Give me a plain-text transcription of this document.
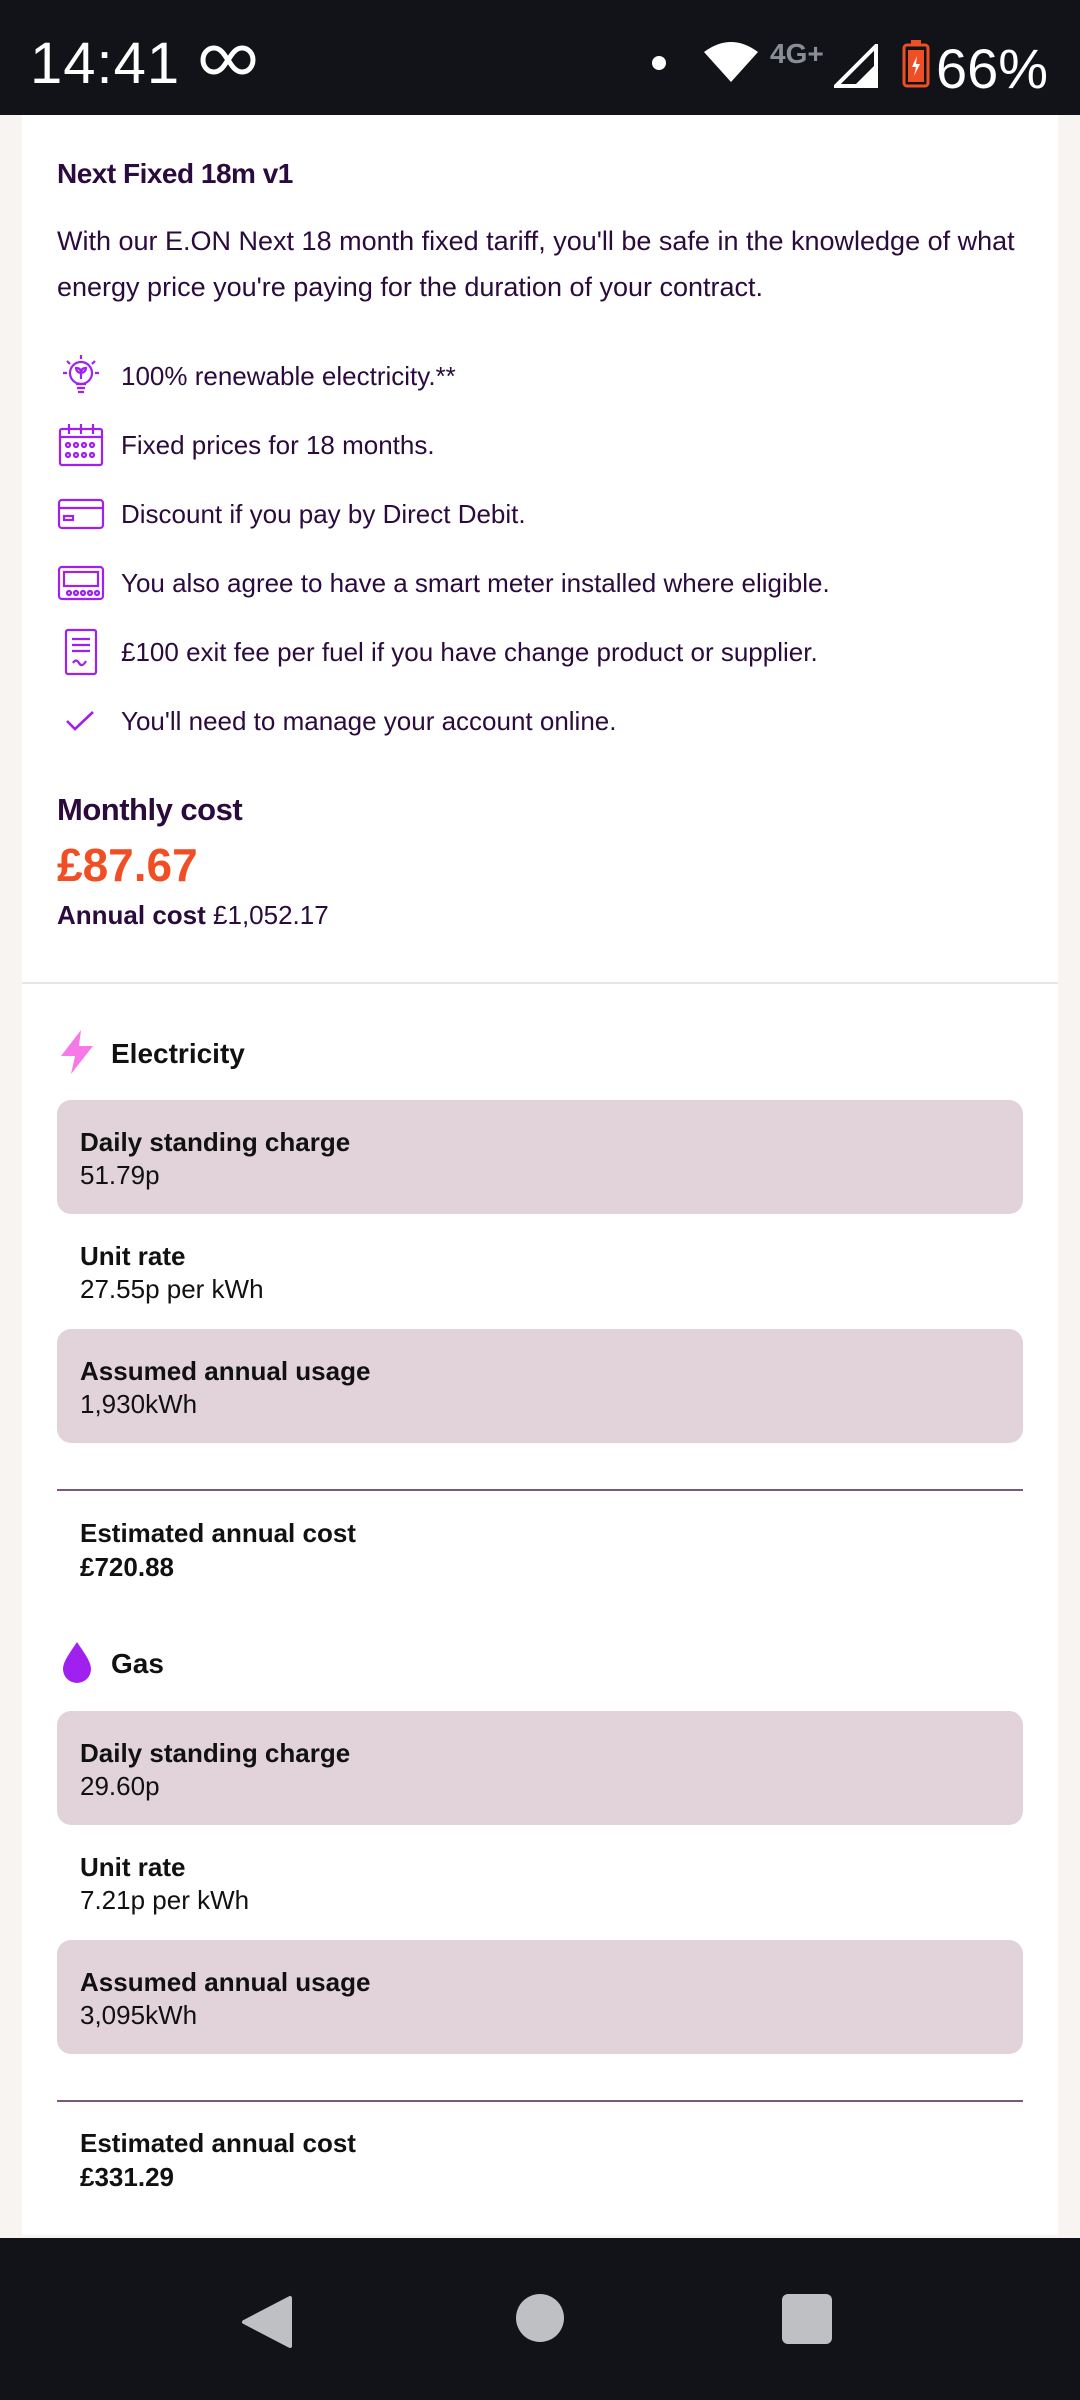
14:41	4G+ 66%
Next Fixed 18m v1
With our E.ON Next 18 month fixed tariff, you'll be safe in the knowledge of what energy price you're paying for the duration of your contract.
100% renewable electricity.**
Fixed prices for 18 months.
Discount if you pay by Direct Debit.
You also agree to have a smart meter installed where eligible.
£100 exit fee per fuel if you have change product or supplier.
You'll need to manage your account online.
Monthly cost
£87.67
Annual cost £1,052.17
Electricity
Daily standing charge
51.79p
Unit rate
27.55p per kWh
Assumed annual usage
1,930kWh
Estimated annual cost
£720.88
Gas
Daily standing charge
29.60p
Unit rate
7.21p per kWh
Assumed annual usage
3,095kWh
Estimated annual cost
£331.29
